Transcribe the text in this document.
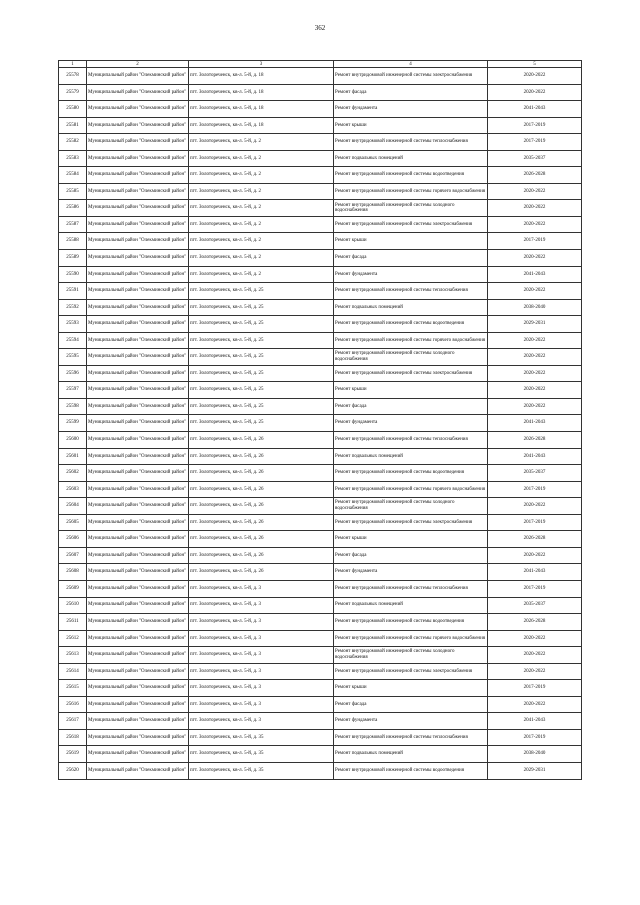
362
1	2	3	4	5
25578	Муниципальный район "Олекминский район"	пгт. Золотореченск, кв-л. 5-й, д. 18	Ремонт внутридомовой инженерной системы электроснабжения	2020-2022
25579	Муниципальный район "Олекминский район"	пгт. Золотореченск, кв-л. 5-й, д. 18	Ремонт фасада	2020-2022
25580	Муниципальный район "Олекминский район"	пгт. Золотореченск, кв-л. 5-й, д. 18	Ремонт фундамента	2041-2043
25581	Муниципальный район "Олекминский район"	пгт. Золотореченск, кв-л. 5-й, д. 18	Ремонт крыши	2017-2019
25582	Муниципальный район "Олекминский район"	пгт. Золотореченск, кв-л. 5-й, д. 2	Ремонт внутридомовой инженерной системы теплоснабжения	2017-2019
25583	Муниципальный район "Олекминский район"	пгт. Золотореченск, кв-л. 5-й, д. 2	Ремонт подвальных помещений	2035-2037
25584	Муниципальный район "Олекминский район"	пгт. Золотореченск, кв-л. 5-й, д. 2	Ремонт внутридомовой инженерной системы водоотведения	2026-2028
25585	Муниципальный район "Олекминский район"	пгт. Золотореченск, кв-л. 5-й, д. 2	Ремонт внутридомовой инженерной системы горячего водоснабжения	2020-2022
25586	Муниципальный район "Олекминский район"	пгт. Золотореченск, кв-л. 5-й, д. 2	Ремонт внутридомовой инженерной системы холодного водоснабжения	2020-2022
25587	Муниципальный район "Олекминский район"	пгт. Золотореченск, кв-л. 5-й, д. 2	Ремонт внутридомовой инженерной системы электроснабжения	2020-2022
25588	Муниципальный район "Олекминский район"	пгт. Золотореченск, кв-л. 5-й, д. 2	Ремонт крыши	2017-2019
25589	Муниципальный район "Олекминский район"	пгт. Золотореченск, кв-л. 5-й, д. 2	Ремонт фасада	2020-2022
25590	Муниципальный район "Олекминский район"	пгт. Золотореченск, кв-л. 5-й, д. 2	Ремонт фундамента	2041-2043
25591	Муниципальный район "Олекминский район"	пгт. Золотореченск, кв-л. 5-й, д. 25	Ремонт внутридомовой инженерной системы теплоснабжения	2020-2022
25592	Муниципальный район "Олекминский район"	пгт. Золотореченск, кв-л. 5-й, д. 25	Ремонт подвальных помещений	2038-2040
25593	Муниципальный район "Олекминский район"	пгт. Золотореченск, кв-л. 5-й, д. 25	Ремонт внутридомовой инженерной системы водоотведения	2029-2031
25594	Муниципальный район "Олекминский район"	пгт. Золотореченск, кв-л. 5-й, д. 25	Ремонт внутридомовой инженерной системы горячего водоснабжения	2020-2022
25595	Муниципальный район "Олекминский район"	пгт. Золотореченск, кв-л. 5-й, д. 25	Ремонт внутридомовой инженерной системы холодного водоснабжения	2020-2022
25596	Муниципальный район "Олекминский район"	пгт. Золотореченск, кв-л. 5-й, д. 25	Ремонт внутридомовой инженерной системы электроснабжения	2020-2022
25597	Муниципальный район "Олекминский район"	пгт. Золотореченск, кв-л. 5-й, д. 25	Ремонт крыши	2020-2022
25598	Муниципальный район "Олекминский район"	пгт. Золотореченск, кв-л. 5-й, д. 25	Ремонт фасада	2020-2022
25599	Муниципальный район "Олекминский район"	пгт. Золотореченск, кв-л. 5-й, д. 25	Ремонт фундамента	2041-2043
25600	Муниципальный район "Олекминский район"	пгт. Золотореченск, кв-л. 5-й, д. 26	Ремонт внутридомовой инженерной системы теплоснабжения	2026-2028
25601	Муниципальный район "Олекминский район"	пгт. Золотореченск, кв-л. 5-й, д. 26	Ремонт подвальных помещений	2041-2043
25602	Муниципальный район "Олекминский район"	пгт. Золотореченск, кв-л. 5-й, д. 26	Ремонт внутридомовой инженерной системы водоотведения	2035-2037
25603	Муниципальный район "Олекминский район"	пгт. Золотореченск, кв-л. 5-й, д. 26	Ремонт внутридомовой инженерной системы горячего водоснабжения	2017-2019
25604	Муниципальный район "Олекминский район"	пгт. Золотореченск, кв-л. 5-й, д. 26	Ремонт внутридомовой инженерной системы холодного водоснабжения	2020-2022
25605	Муниципальный район "Олекминский район"	пгт. Золотореченск, кв-л. 5-й, д. 26	Ремонт внутридомовой инженерной системы электроснабжения	2017-2019
25606	Муниципальный район "Олекминский район"	пгт. Золотореченск, кв-л. 5-й, д. 26	Ремонт крыши	2026-2028
25607	Муниципальный район "Олекминский район"	пгт. Золотореченск, кв-л. 5-й, д. 26	Ремонт фасада	2020-2022
25608	Муниципальный район "Олекминский район"	пгт. Золотореченск, кв-л. 5-й, д. 26	Ремонт фундамента	2041-2043
25609	Муниципальный район "Олекминский район"	пгт. Золотореченск, кв-л. 5-й, д. 3	Ремонт внутридомовой инженерной системы теплоснабжения	2017-2019
25610	Муниципальный район "Олекминский район"	пгт. Золотореченск, кв-л. 5-й, д. 3	Ремонт подвальных помещений	2035-2037
25611	Муниципальный район "Олекминский район"	пгт. Золотореченск, кв-л. 5-й, д. 3	Ремонт внутридомовой инженерной системы водоотведения	2026-2028
25612	Муниципальный район "Олекминский район"	пгт. Золотореченск, кв-л. 5-й, д. 3	Ремонт внутридомовой инженерной системы горячего водоснабжения	2020-2022
25613	Муниципальный район "Олекминский район"	пгт. Золотореченск, кв-л. 5-й, д. 3	Ремонт внутридомовой инженерной системы холодного водоснабжения	2020-2022
25614	Муниципальный район "Олекминский район"	пгт. Золотореченск, кв-л. 5-й, д. 3	Ремонт внутридомовой инженерной системы электроснабжения	2020-2022
25615	Муниципальный район "Олекминский район"	пгт. Золотореченск, кв-л. 5-й, д. 3	Ремонт крыши	2017-2019
25616	Муниципальный район "Олекминский район"	пгт. Золотореченск, кв-л. 5-й, д. 3	Ремонт фасада	2020-2022
25617	Муниципальный район "Олекминский район"	пгт. Золотореченск, кв-л. 5-й, д. 3	Ремонт фундамента	2041-2043
25618	Муниципальный район "Олекминский район"	пгт. Золотореченск, кв-л. 5-й, д. 35	Ремонт внутридомовой инженерной системы теплоснабжения	2017-2019
25619	Муниципальный район "Олекминский район"	пгт. Золотореченск, кв-л. 5-й, д. 35	Ремонт подвальных помещений	2038-2040
25620	Муниципальный район "Олекминский район"	пгт. Золотореченск, кв-л. 5-й, д. 35	Ремонт внутридомовой инженерной системы водоотведения	2029-2031
